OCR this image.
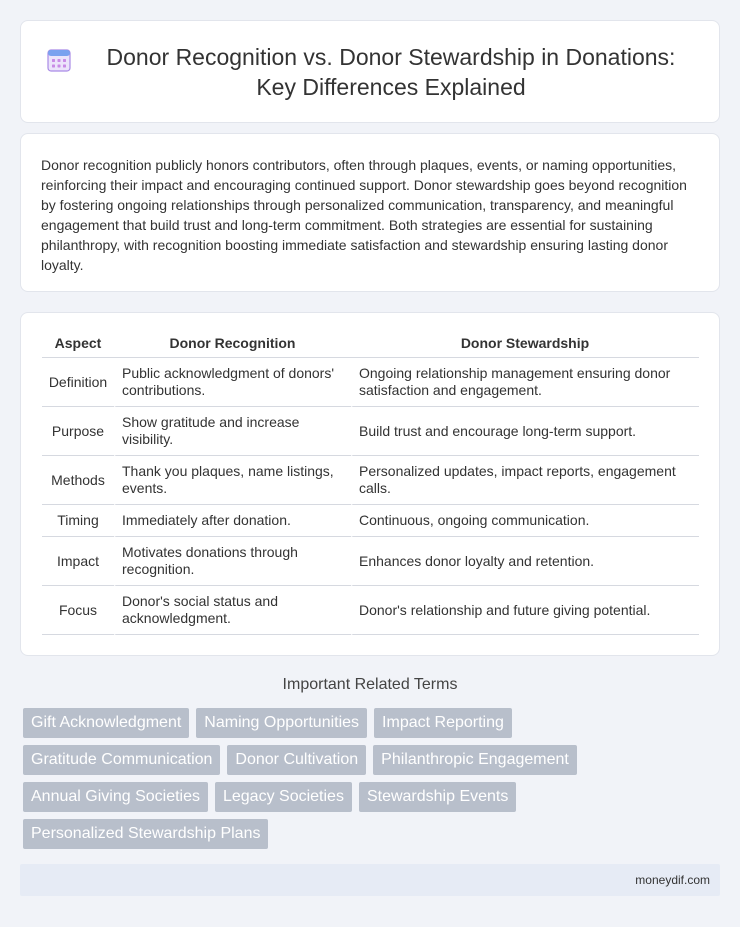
Donor Recognition vs. Donor Stewardship in Donations: Key Differences Explained

Donor recognition publicly honors contributors, often through plaques, events, or naming opportunities, reinforcing their impact and encouraging continued support. Donor stewardship goes beyond recognition by fostering ongoing relationships through personalized communication, transparency, and meaningful engagement that build trust and long-term commitment. Both strategies are essential for sustaining philanthropy, with recognition boosting immediate satisfaction and stewardship ensuring lasting donor loyalty.

Aspect	Donor Recognition	Donor Stewardship
Definition	Public acknowledgment of donors' contributions.	Ongoing relationship management ensuring donor satisfaction and engagement.
Purpose	Show gratitude and increase visibility.	Build trust and encourage long-term support.
Methods	Thank you plaques, name listings, events.	Personalized updates, impact reports, engagement calls.
Timing	Immediately after donation.	Continuous, ongoing communication.
Impact	Motivates donations through recognition.	Enhances donor loyalty and retention.
Focus	Donor's social status and acknowledgment.	Donor's relationship and future giving potential.
Important Related Terms
Gift Acknowledgment	Naming Opportunities	Impact Reporting
Gratitude Communication	Donor Cultivation	Philanthropic Engagement
Annual Giving Societies	Legacy Societies	Stewardship Events
Personalized Stewardship Plans
moneydif.com
